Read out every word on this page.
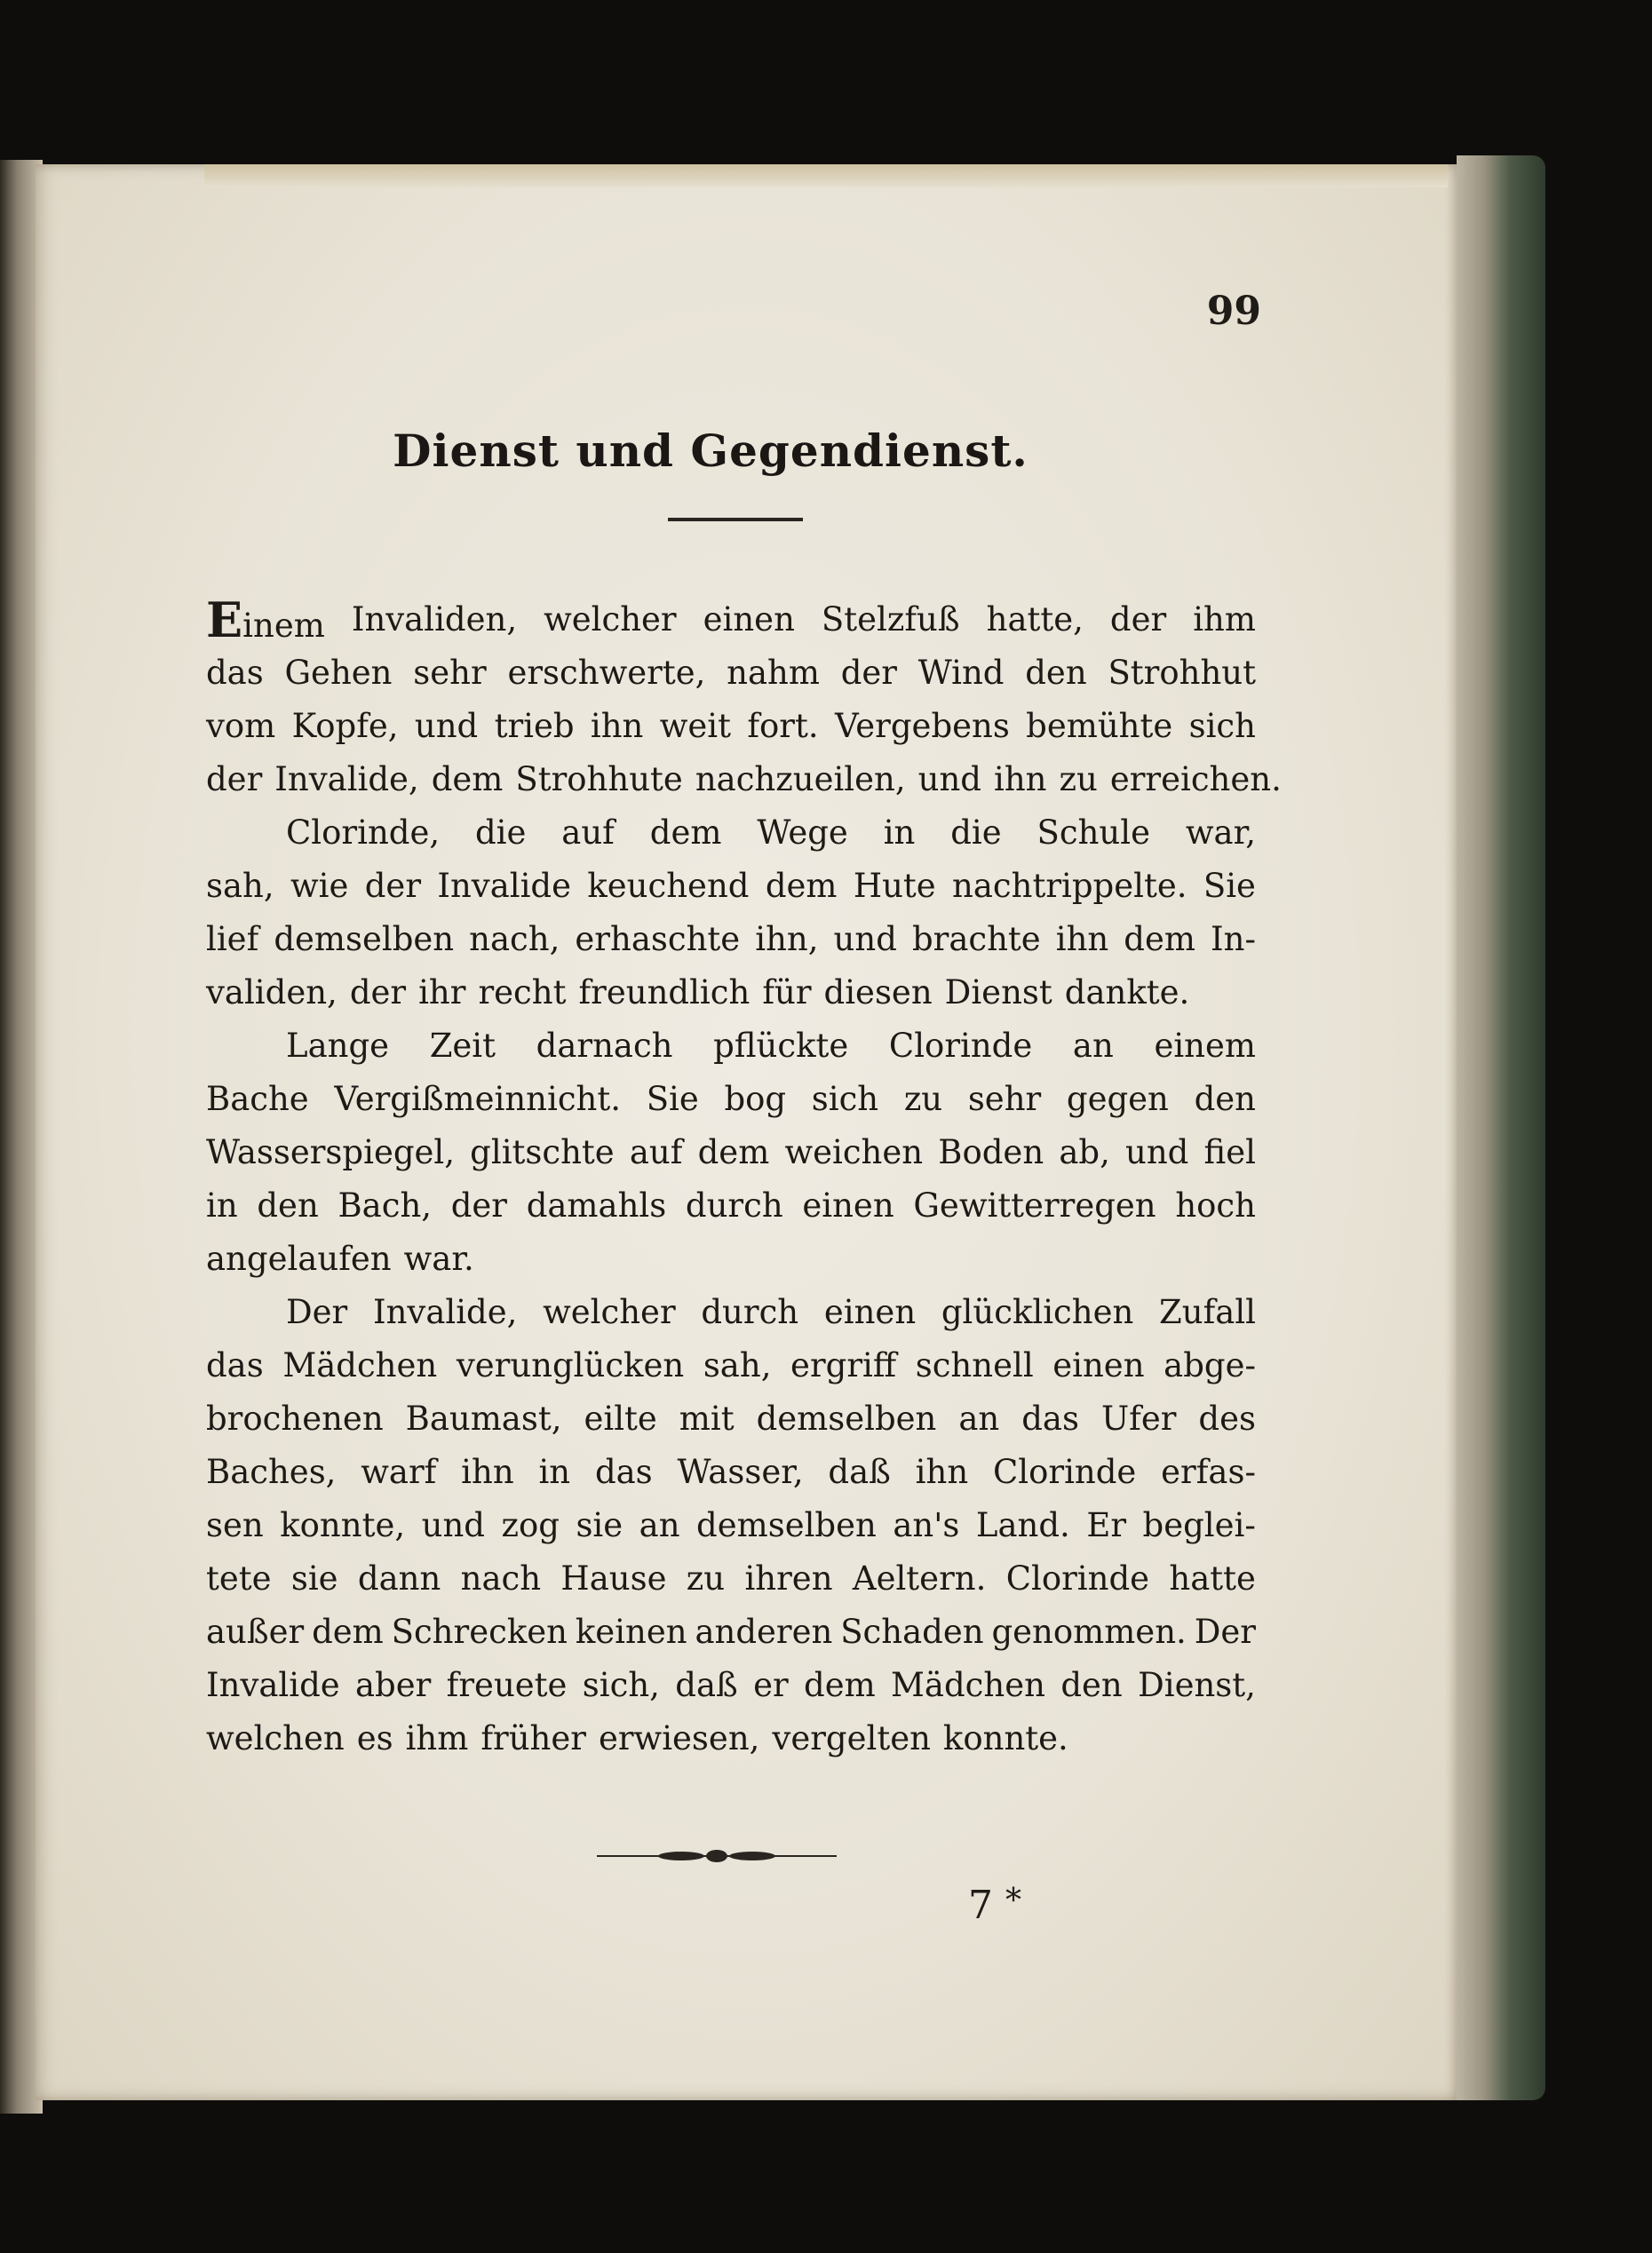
99
Dienst und Gegendienst.
Einem Invaliden, welcher einen Stelzfuß hatte, der ihm
das Gehen sehr erschwerte, nahm der Wind den Strohhut
vom Kopfe, und trieb ihn weit fort. Vergebens bemühte sich
der Invalide, dem Strohhute nachzueilen, und ihn zu erreichen.
Clorinde, die auf dem Wege in die Schule war,
sah, wie der Invalide keuchend dem Hute nachtrippelte. Sie
lief demselben nach, erhaschte ihn, und brachte ihn dem In-
validen, der ihr recht freundlich für diesen Dienst dankte.
Lange Zeit darnach pflückte Clorinde an einem
Bache Vergißmeinnicht. Sie bog sich zu sehr gegen den
Wasserspiegel, glitschte auf dem weichen Boden ab, und fiel
in den Bach, der damahls durch einen Gewitterregen hoch
angelaufen war.
Der Invalide, welcher durch einen glücklichen Zufall
das Mädchen verunglücken sah, ergriff schnell einen abge-
brochenen Baumast, eilte mit demselben an das Ufer des
Baches, warf ihn in das Wasser, daß ihn Clorinde erfas-
sen konnte, und zog sie an demselben an's Land. Er beglei-
tete sie dann nach Hause zu ihren Aeltern. Clorinde hatte
außer dem Schrecken keinen anderen Schaden genommen. Der
Invalide aber freuete sich, daß er dem Mädchen den Dienst,
welchen es ihm früher erwiesen, vergelten konnte.
7 *
